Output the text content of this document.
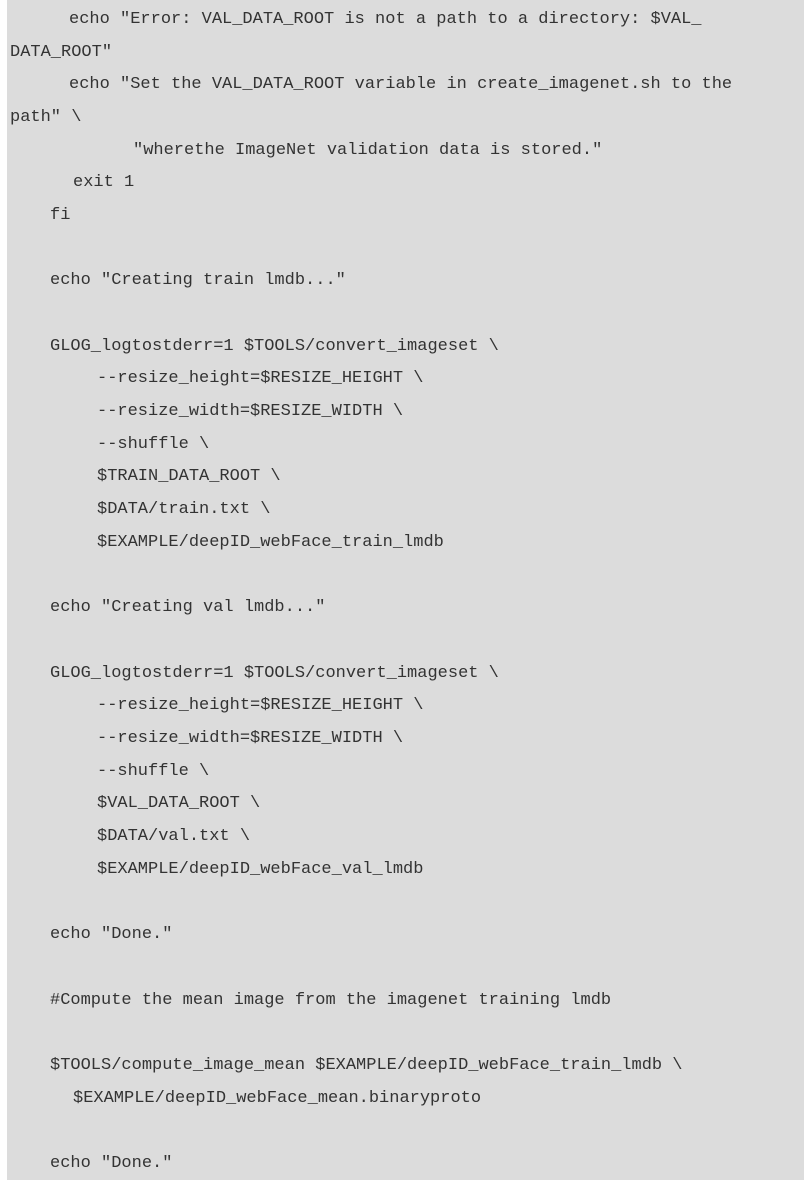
echo "Error: VAL_DATA_ROOT is not a path to a directory: $VAL_
DATA_ROOT"
echo "Set the VAL_DATA_ROOT variable in create_imagenet.sh to the
path" \
"wherethe ImageNet validation data is stored."
exit 1
fi
echo "Creating train lmdb..."
GLOG_logtostderr=1 $TOOLS/convert_imageset \
--resize_height=$RESIZE_HEIGHT \
--resize_width=$RESIZE_WIDTH \
--shuffle \
$TRAIN_DATA_ROOT \
$DATA/train.txt \
$EXAMPLE/deepID_webFace_train_lmdb
echo "Creating val lmdb..."
GLOG_logtostderr=1 $TOOLS/convert_imageset \
--resize_height=$RESIZE_HEIGHT \
--resize_width=$RESIZE_WIDTH \
--shuffle \
$VAL_DATA_ROOT \
$DATA/val.txt \
$EXAMPLE/deepID_webFace_val_lmdb
echo "Done."
#Compute the mean image from the imagenet training lmdb
$TOOLS/compute_image_mean $EXAMPLE/deepID_webFace_train_lmdb \
$EXAMPLE/deepID_webFace_mean.binaryproto
echo "Done."
